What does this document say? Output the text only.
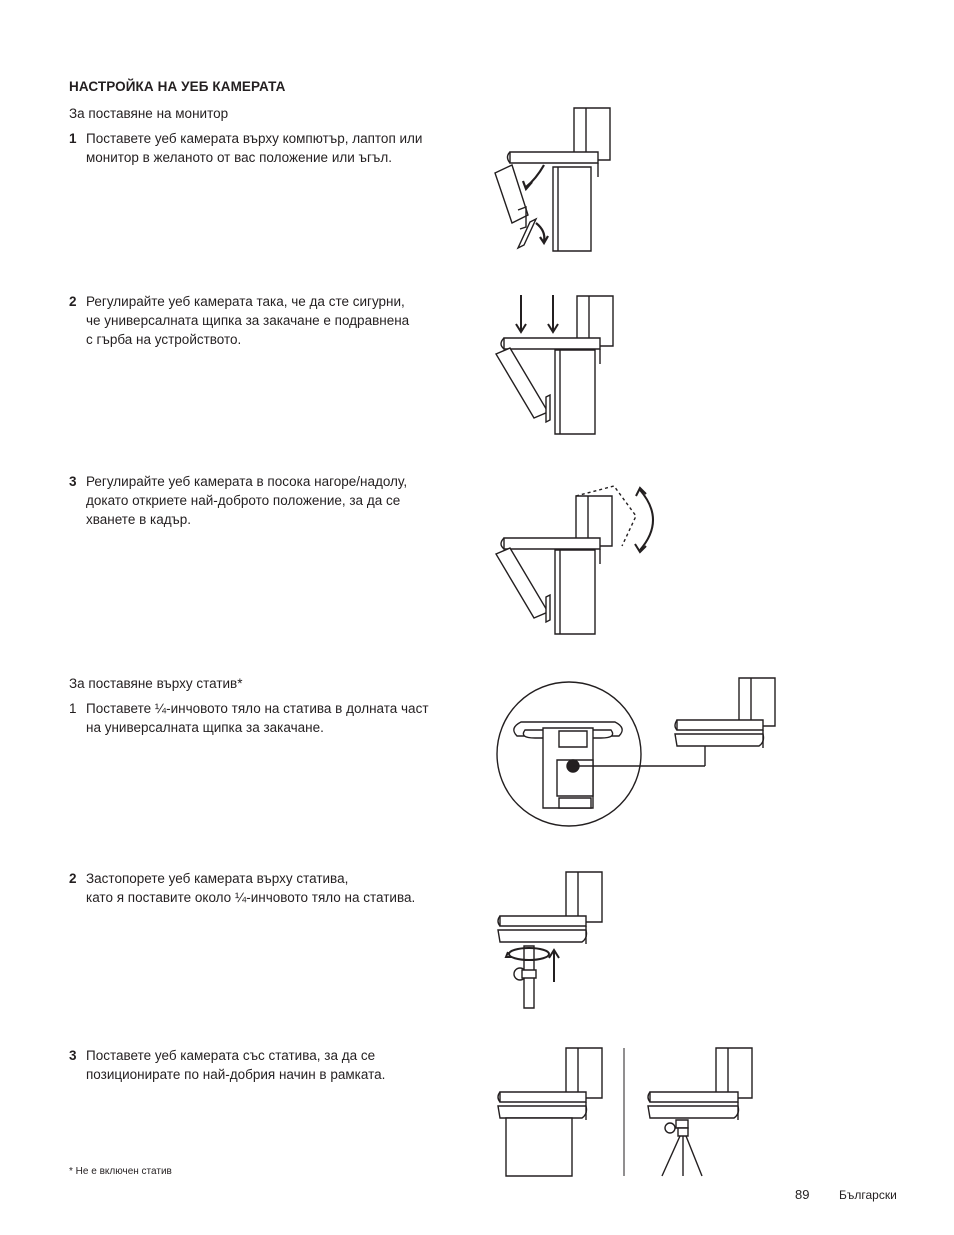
НАСТРОЙКА НА УЕБ КАМЕРАТА
За поставяне на монитор
1 Поставете уеб камерата върху компютър, лаптоп или
монитор в желаното от вас положение или ъгъл.
2 Регулирайте уеб камерата така, че да сте сигурни,
че универсалната щипка за закачане е подравнена
с гърба на устройството.
3 Регулирайте уеб камерата в посока нагоре/надолу,
докато откриете най-доброто положение, за да се
хванете в кадър.
За поставяне върху статив*
1 Поставете ¼-инчовото тяло на статива в долната част
на универсалната щипка за закачане.
2 Застопорете уеб камерата върху статива,
като я поставите около ¼-инчовото тяло на статива.
3 Поставете уеб камерата със статива, за да се
позиционирате по най-добрия начин в рамката.
* Не е включен статив
89 Български
